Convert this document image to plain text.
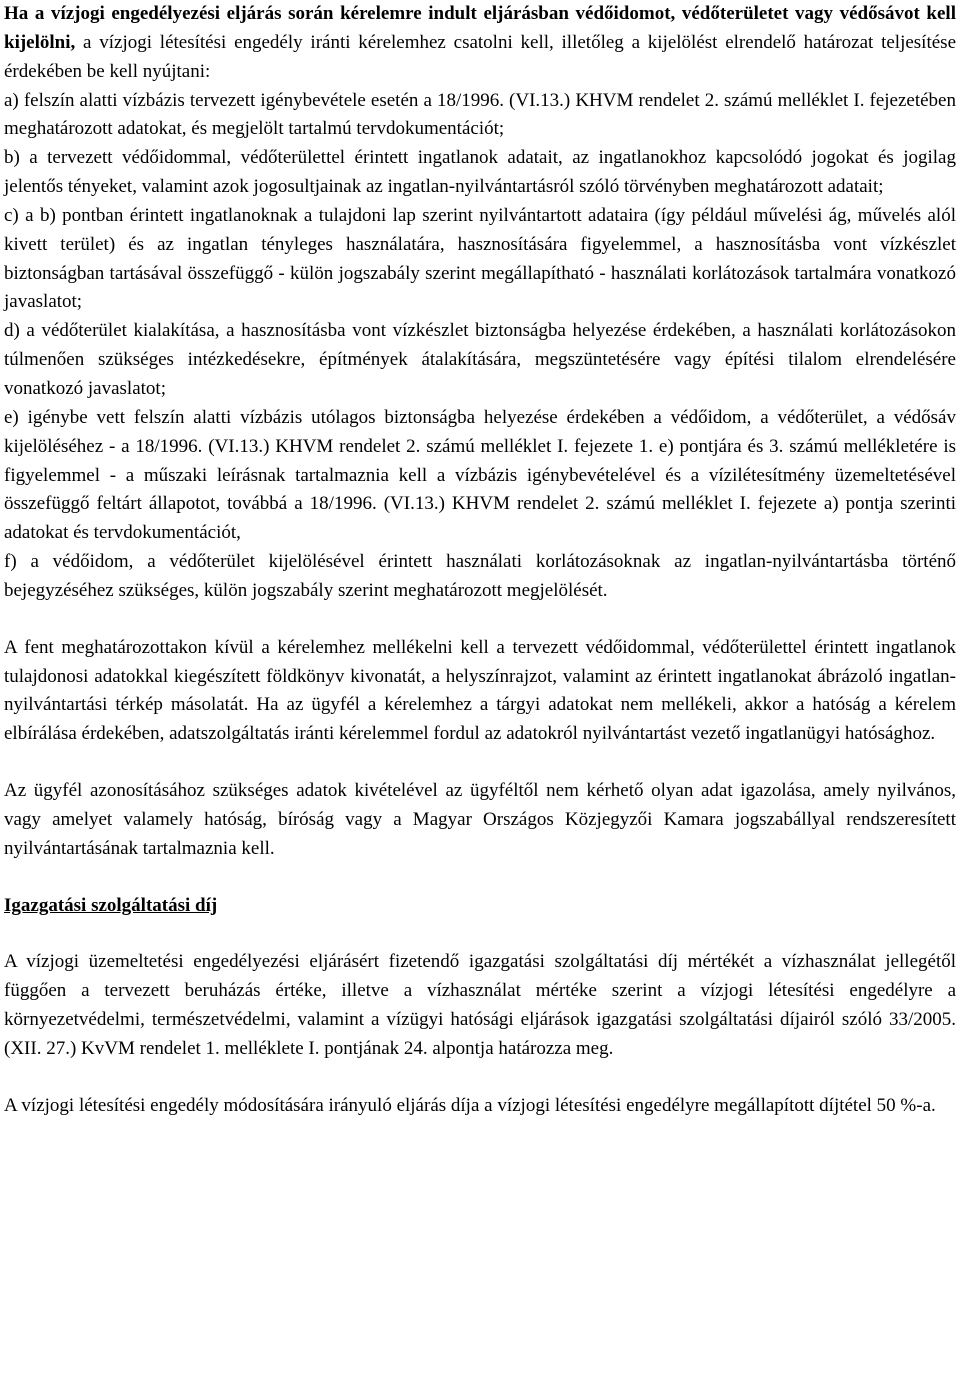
Ha a vízjogi engedélyezési eljárás során kérelemre indult eljárásban védőidomot, védőterületet vagy védősávot kell kijelölni, a vízjogi létesítési engedély iránti kérelemhez csatolni kell, illetőleg a kijelölést elrendelő határozat teljesítése érdekében be kell nyújtani:

a) felszín alatti vízbázis tervezett igénybevétele esetén a 18/1996. (VI.13.) KHVM rendelet 2. számú melléklet I. fejezetében meghatározott adatokat, és megjelölt tartalmú tervdokumentációt;

b) a tervezett védőidommal, védőterülettel érintett ingatlanok adatait, az ingatlanokhoz kapcsolódó jogokat és jogilag jelentős tényeket, valamint azok jogosultjainak az ingatlan-nyilvántartásról szóló törvényben meghatározott adatait;

c) a b) pontban érintett ingatlanoknak a tulajdoni lap szerint nyilvántartott adataira (így például művelési ág, művelés alól kivett terület) és az ingatlan tényleges használatára, hasznosítására figyelemmel, a hasznosításba vont vízkészlet biztonságban tartásával összefüggő - külön jogszabály szerint megállapítható - használati korlátozások tartalmára vonatkozó javaslatot;

d) a védőterület kialakítása, a hasznosításba vont vízkészlet biztonságba helyezése érdekében, a használati korlátozásokon túlmenően szükséges intézkedésekre, építmények átalakítására, megszüntetésére vagy építési tilalom elrendelésére vonatkozó javaslatot;

e) igénybe vett felszín alatti vízbázis utólagos biztonságba helyezése érdekében a védőidom, a védőterület, a védősáv kijelöléséhez - a 18/1996. (VI.13.) KHVM rendelet 2. számú melléklet I. fejezete 1. e) pontjára és 3. számú mellékletére is figyelemmel - a műszaki leírásnak tartalmaznia kell a vízbázis igénybevételével és a vízilétesítmény üzemeltetésével összefüggő feltárt állapotot, továbbá a 18/1996. (VI.13.) KHVM rendelet 2. számú melléklet I. fejezete a) pontja szerinti adatokat és tervdokumentációt,

f) a védőidom, a védőterület kijelölésével érintett használati korlátozásoknak az ingatlan-nyilvántartásba történő bejegyzéséhez szükséges, külön jogszabály szerint meghatározott megjelölését.

A fent meghatározottakon kívül a kérelemhez mellékelni kell a tervezett védőidommal, védőterülettel érintett ingatlanok tulajdonosi adatokkal kiegészített földkönyv kivonatát, a helyszínrajzot, valamint az érintett ingatlanokat ábrázoló ingatlan-nyilvántartási térkép másolatát. Ha az ügyfél a kérelemhez a tárgyi adatokat nem mellékeli, akkor a hatóság a kérelem elbírálása érdekében, adatszolgáltatás iránti kérelemmel fordul az adatokról nyilvántartást vezető ingatlanügyi hatósághoz.

Az ügyfél azonosításához szükséges adatok kivételével az ügyféltől nem kérhető olyan adat igazolása, amely nyilvános, vagy amelyet valamely hatóság, bíróság vagy a Magyar Országos Közjegyzői Kamara jogszabállyal rendszeresített nyilvántartásának tartalmaznia kell.

Igazgatási szolgáltatási díj

A vízjogi üzemeltetési engedélyezési eljárásért fizetendő igazgatási szolgáltatási díj mértékét a vízhasználat jellegétől függően a tervezett beruházás értéke, illetve a vízhasználat mértéke szerint a vízjogi létesítési engedélyre a környezetvédelmi, természetvédelmi, valamint a vízügyi hatósági eljárások igazgatási szolgáltatási díjairól szóló 33/2005. (XII. 27.) KvVM rendelet 1. melléklete I. pontjának 24. alpontja határozza meg.

A vízjogi létesítési engedély módosítására irányuló eljárás díja a vízjogi létesítési engedélyre megállapított díjtétel 50 %-a.
